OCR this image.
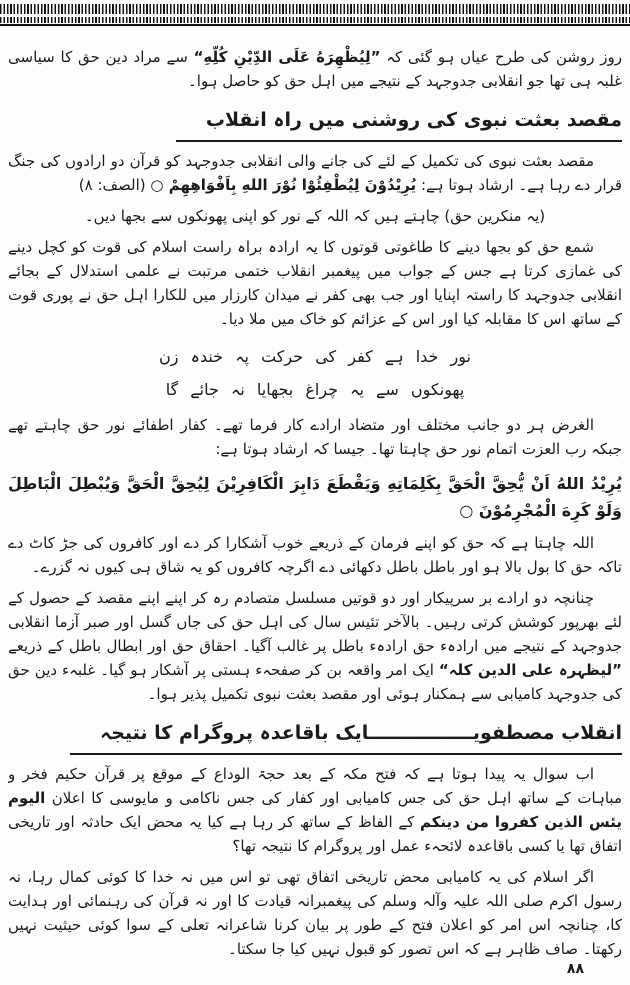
روز روشن کی طرح عیاں ہو گئی کہ ”لِيُظْهِرَهُ عَلَى الدِّيْنِ كُلِّهِ“ سے مراد دین حق کا سیاسی غلبہ ہی تھا جو انقلابی جدوجہد کے نتیجے میں اہل حق کو حاصل ہوا۔

مقصد بعثت نبوی کی روشنی میں راہ انقلاب

مقصد بعثت نبوی کی تکمیل کے لئے کی جانے والی انقلابی جدوجہد کو قرآن دو ارادوں کی جنگ قرار دے رہا ہے۔ ارشاد ہوتا ہے: يُرِيْدُوْنَ لِيُطْفِئُوْا نُوْرَ اللهِ بِاَفْوَاهِهِمْ ○ (الصف: ٨)

(یہ منکرین حق) چاہتے ہیں کہ اللہ کے نور کو اپنی پھونکوں سے بجھا دیں۔

شمع حق کو بجھا دینے کا طاغوتی قوتوں کا یہ ارادہ براہ راست اسلام کی قوت کو کچل دینے کی غمازی کرتا ہے جس کے جواب میں پیغمبر انقلاب ختمی مرتبت نے علمی استدلال کے بجائے انقلابی جدوجہد کا راستہ اپنایا اور جب بھی کفر نے میدان کارزار میں للکارا اہل حق نے پوری قوت کے ساتھ اس کا مقابلہ کیا اور اس کے عزائم کو خاک میں ملا دیا۔

نور خدا ہے کفر کی حرکت پہ خندہ زن
پھونکوں سے یہ چراغ بجھایا نہ جائے گا

الغرض ہر دو جانب مختلف اور متضاد ارادے کار فرما تھے۔ کفار اطفائے نور حق چاہتے تھے جبکہ رب العزت اتمام نور حق چاہتا تھا۔ جیسا کہ ارشاد ہوتا ہے:

يُرِيْدُ اللهُ اَنْ يُّحِقَّ الْحَقَّ بِكَلِمَاتِهِ وَيَقْطَعَ دَابِرَ الْكَافِرِيْنَ لِيُحِقَّ الْحَقَّ وَيُبْطِلَ الْبَاطِلَ وَلَوْ كَرِهَ الْمُجْرِمُوْنَ ○

اللہ چاہتا ہے کہ حق کو اپنے فرمان کے ذریعے خوب آشکارا کر دے اور کافروں کی جڑ کاٹ دے تاکہ حق کا بول بالا ہو اور باطل باطل دکھائی دے اگرچہ کافروں کو یہ شاق ہی کیوں نہ گزرے۔

چنانچہ دو ارادے بر سرپیکار اور دو قوتیں مسلسل متصادم رہ کر اپنے اپنے مقصد کے حصول کے لئے بھرپور کوشش کرتی رہیں۔ بالآخر تئیس سال کی اہل حق کی جاں گسل اور صبر آزما انقلابی جدوجہد کے نتیجے میں ارادہء حق ارادہء باطل پر غالب آگیا۔ احقاق حق اور ابطال باطل کے ذریعے ”لیظہرہ علی الدین کلہ“ ایک امر واقعہ بن کر صفحہء ہستی پر آشکار ہو گیا۔ غلبہء دین حق کی جدوجہد کامیابی سے ہمکنار ہوئی اور مقصد بعثت نبوی تکمیل پذیر ہوا۔

انقلاب مصطفویــــــــــــــــایک باقاعدہ پروگرام کا نتیجہ

اب سوال یہ پیدا ہوتا ہے کہ فتح مکہ کے بعد حجۃ الوداع کے موقع پر قرآن حکیم فخر و مباہات کے ساتھ اہل حق کی جس کامیابی اور کفار کی جس ناکامی و مایوسی کا اعلان اليوم يئس الذين كفروا من دينكم کے الفاظ کے ساتھ کر رہا ہے کیا یہ محض ایک حادثہ اور تاریخی اتفاق تھا یا کسی باقاعدہ لائحہء عمل اور پروگرام کا نتیجہ تھا؟

اگر اسلام کی یہ کامیابی محض تاریخی اتفاق تھی تو اس میں نہ خدا کا کوئی کمال رہا، نہ رسول اکرم صلی اللہ علیہ وآلہ وسلم کی پیغمبرانہ قیادت کا اور نہ قرآن کی رہنمائی اور ہدایت کا، چنانچہ اس امر کو اعلان فتح کے طور پر بیان کرنا شاعرانہ تعلی کے سوا کوئی حیثیت نہیں رکھتا۔ صاف ظاہر ہے کہ اس تصور کو قبول نہیں کیا جا سکتا۔

۸۸
